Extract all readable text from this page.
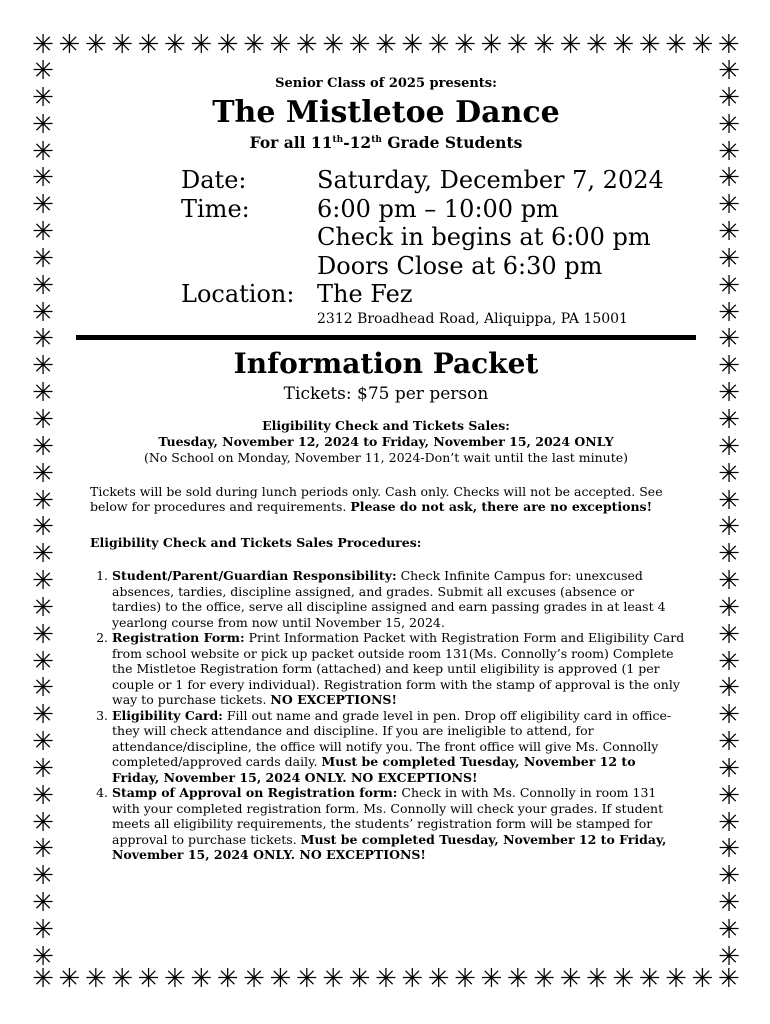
✳ ✳ ✳ ✳ ✳ ✳ ✳ ✳ ✳ ✳ ✳ ✳ ✳ ✳ ✳ ✳ ✳ ✳ ✳ ✳ ✳ ✳ ✳ ✳ ✳ ✳ ✳
✳ ✳ ✳ ✳ ✳ ✳ ✳ ✳ ✳ ✳ ✳ ✳ ✳ ✳ ✳ ✳ ✳ ✳ ✳ ✳ ✳ ✳ ✳ ✳ ✳ ✳ ✳
✳
✳
✳
✳
✳
✳
✳
✳
✳
✳
✳
✳
✳
✳
✳
✳
✳
✳
✳
✳
✳
✳
✳
✳
✳
✳
✳
✳
✳
✳
✳
✳
✳
✳
✳
✳
✳
✳
✳
✳
✳
✳
✳
✳
✳
✳
✳
✳
✳
✳
✳
✳
✳
✳
✳
✳
✳
✳
✳
✳
✳
✳
✳
✳
✳
✳
✳
✳
Senior Class of 2025 presents:
The Mistletoe Dance
For all 11th-12th Grade Students
Date:	Saturday, December 7, 2024
Time:	6:00 pm – 10:00 pm
Check in begins at 6:00 pm
Doors Close at 6:30 pm
Location: The Fez
2312 Broadhead Road, Aliquippa, PA 15001
Information Packet
Tickets: $75 per person
Eligibility Check and Tickets Sales:
Tuesday, November 12, 2024 to Friday, November 15, 2024 ONLY
(No School on Monday, November 11, 2024-Don’t wait until the last minute)
Tickets will be sold during lunch periods only. Cash only. Checks will not be accepted. See below for procedures and requirements. Please do not ask, there are no exceptions!
Eligibility Check and Tickets Sales Procedures:
1. Student/Parent/Guardian Responsibility: Check Infinite Campus for: unexcused absences, tardies, discipline assigned, and grades. Submit all excuses (absence or tardies) to the office, serve all discipline assigned and earn passing grades in at least 4 yearlong course from now until November 15, 2024.
2. Registration Form: Print Information Packet with Registration Form and Eligibility Card from school website or pick up packet outside room 131(Ms. Connolly’s room) Complete the Mistletoe Registration form (attached) and keep until eligibility is approved (1 per couple or 1 for every individual). Registration form with the stamp of approval is the only way to purchase tickets. NO EXCEPTIONS!
3. Eligibility Card: Fill out name and grade level in pen. Drop off eligibility card in office-they will check attendance and discipline. If you are ineligible to attend, for attendance/discipline, the office will notify you. The front office will give Ms. Connolly completed/approved cards daily. Must be completed Tuesday, November 12 to Friday, November 15, 2024 ONLY. NO EXCEPTIONS!
4. Stamp of Approval on Registration form: Check in with Ms. Connolly in room 131 with your completed registration form. Ms. Connolly will check your grades. If student meets all eligibility requirements, the students’ registration form will be stamped for approval to purchase tickets. Must be completed Tuesday, November 12 to Friday, November 15, 2024 ONLY. NO EXCEPTIONS!
